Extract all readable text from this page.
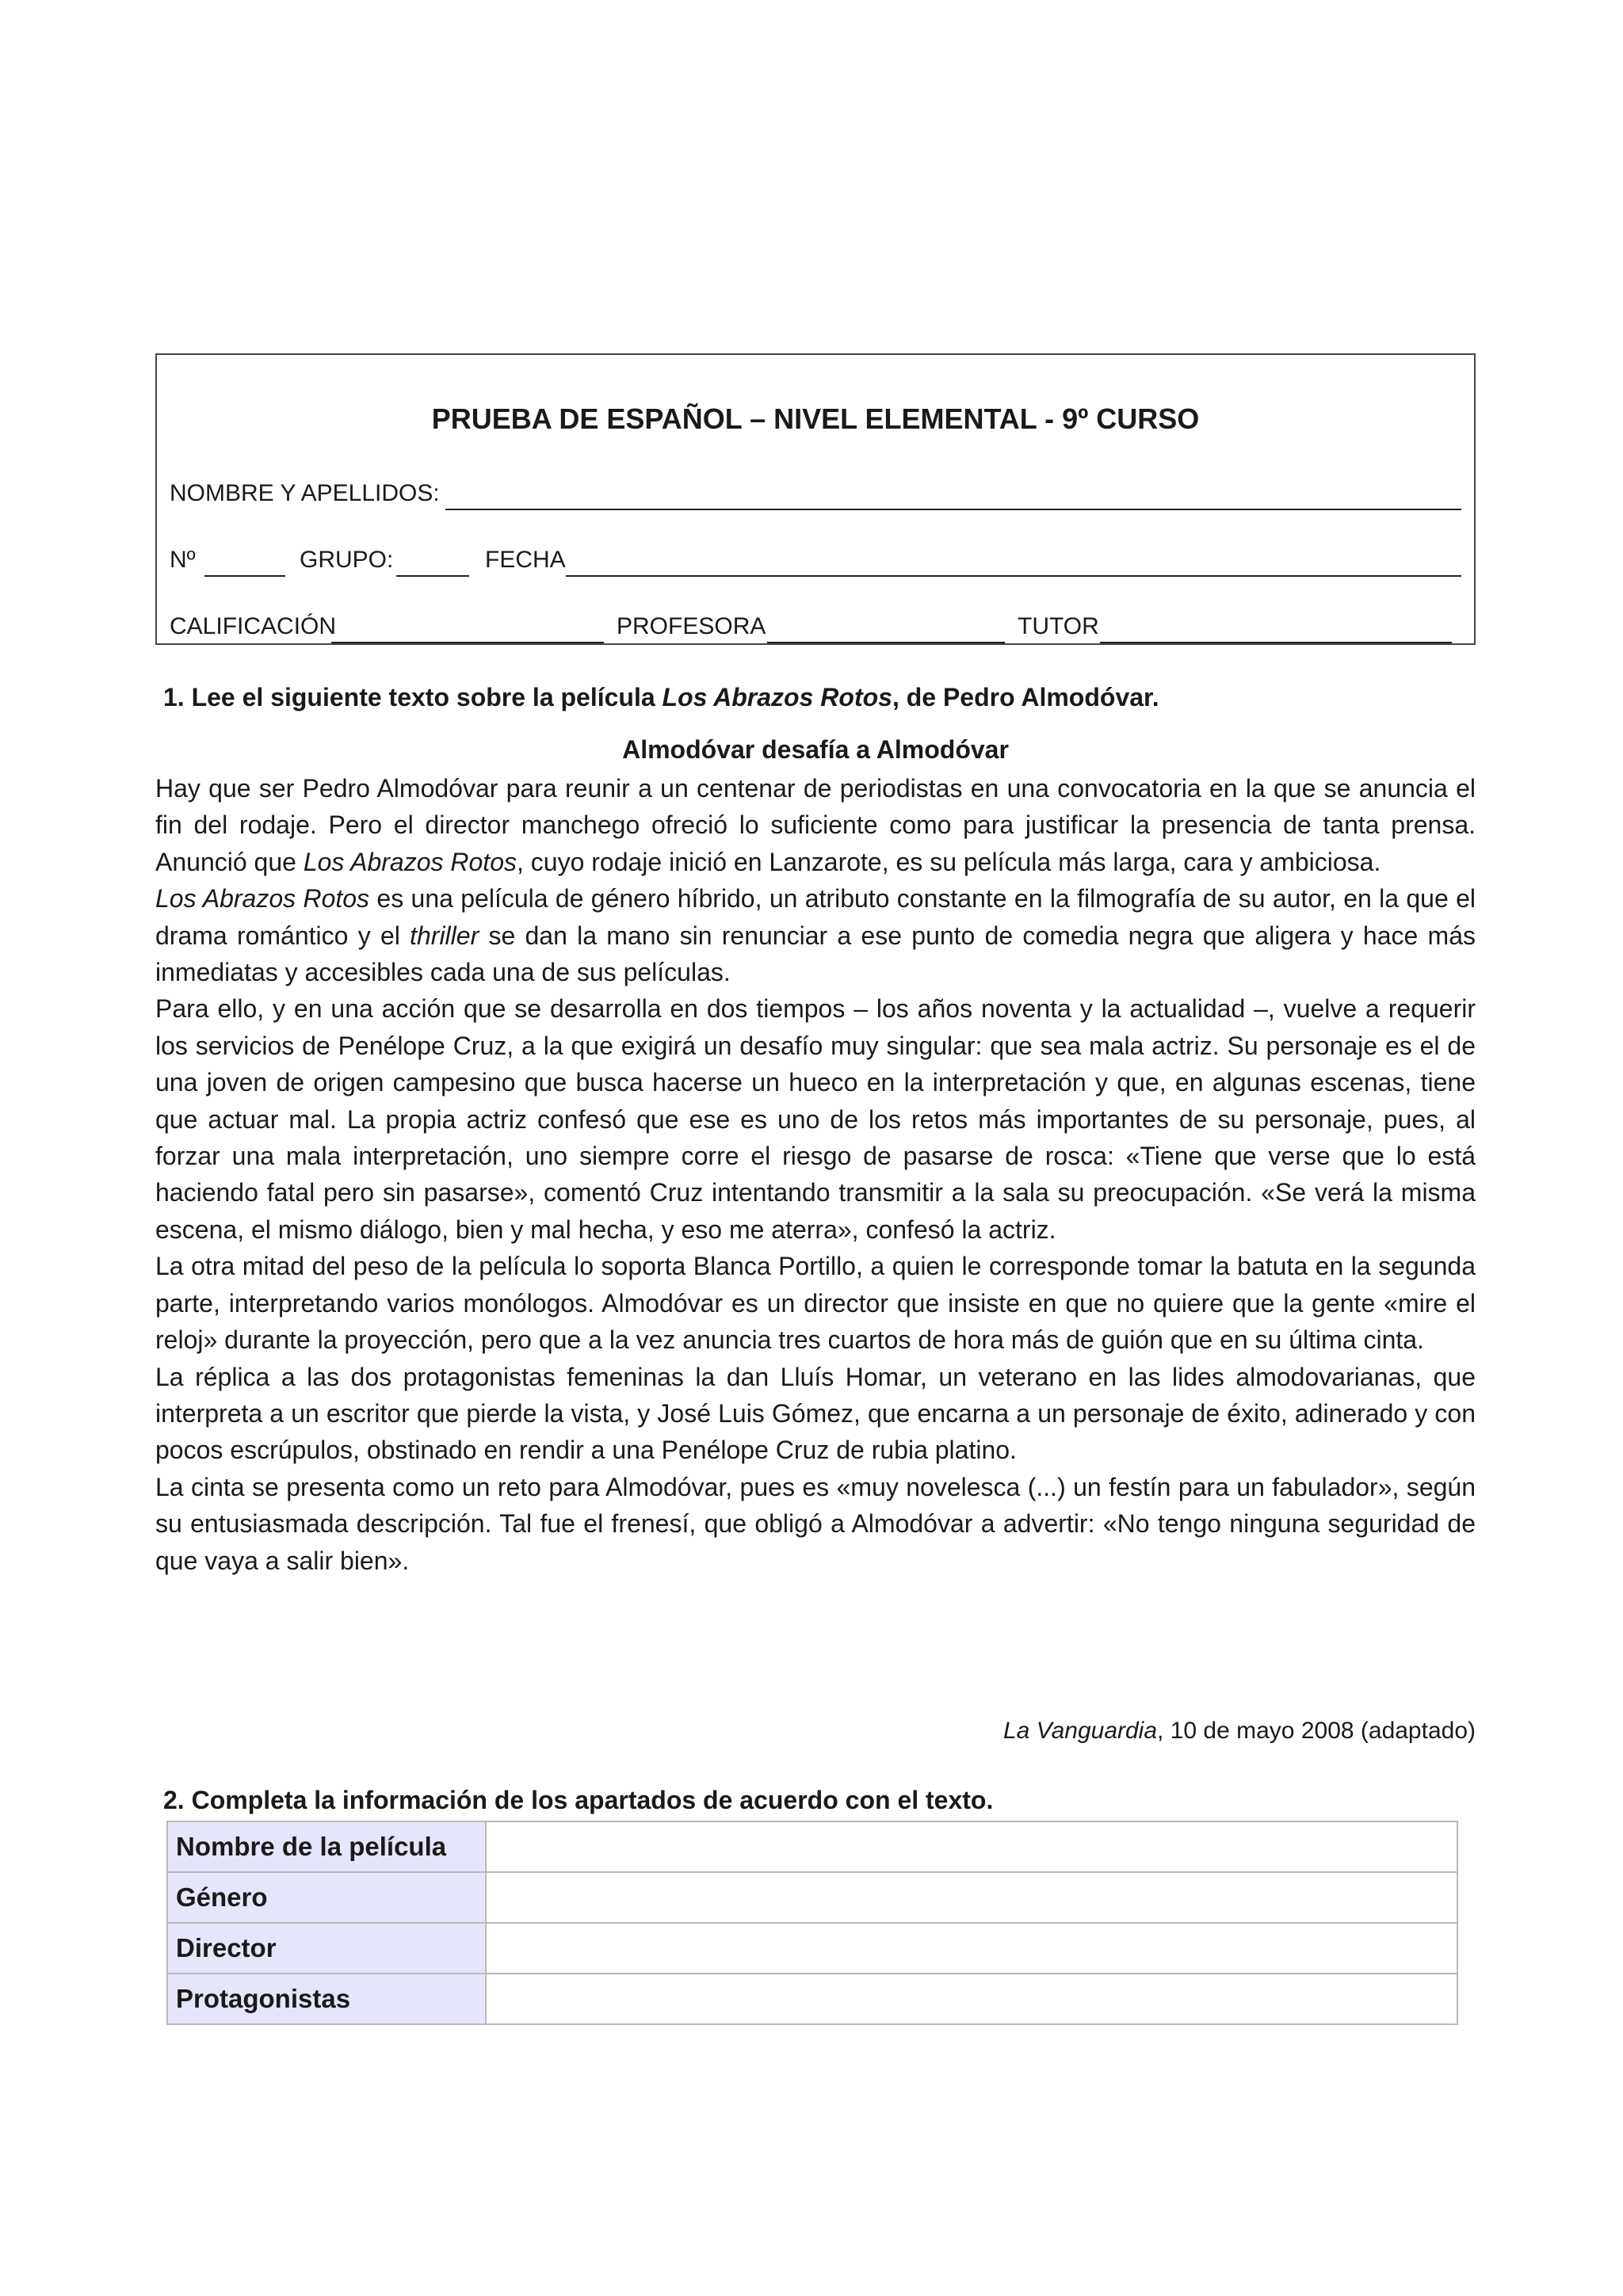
PRUEBA DE ESPAÑOL – NIVEL ELEMENTAL - 9º CURSO
NOMBRE Y APELLIDOS:
Nº	GRUPO:	FECHA
CALIFICACIÓN	PROFESORA	TUTOR
1. Lee el siguiente texto sobre la película Los Abrazos Rotos, de Pedro Almodóvar.
Almodóvar desafía a Almodóvar

Hay que ser Pedro Almodóvar para reunir a un centenar de periodistas en una convocatoria en la que se anuncia el fin del rodaje. Pero el director manchego ofreció lo suficiente como para justificar la presencia de tanta prensa. Anunció que Los Abrazos Rotos, cuyo rodaje inició en Lanzarote, es su película más larga, cara y ambiciosa.

Los Abrazos Rotos es una película de género híbrido, un atributo constante en la filmografía de su autor, en la que el drama romántico y el thriller se dan la mano sin renunciar a ese punto de comedia negra que aligera y hace más inmediatas y accesibles cada una de sus películas.

Para ello, y en una acción que se desarrolla en dos tiempos – los años noventa y la actualidad –, vuelve a requerir los servicios de Penélope Cruz, a la que exigirá un desafío muy singular: que sea mala actriz. Su personaje es el de una joven de origen campesino que busca hacerse un hueco en la interpretación y que, en algunas escenas, tiene que actuar mal. La propia actriz confesó que ese es uno de los retos más importantes de su personaje, pues, al forzar una mala interpretación, uno siempre corre el riesgo de pasarse de rosca: «Tiene que verse que lo está haciendo fatal pero sin pasarse», comentó Cruz intentando transmitir a la sala su preocupación. «Se verá la misma escena, el mismo diálogo, bien y mal hecha, y eso me aterra», confesó la actriz.

La otra mitad del peso de la película lo soporta Blanca Portillo, a quien le corresponde tomar la batuta en la segunda parte, interpretando varios monólogos. Almodóvar es un director que insiste en que no quiere que la gente «mire el reloj» durante la proyección, pero que a la vez anuncia tres cuartos de hora más de guión que en su última cinta.

La réplica a las dos protagonistas femeninas la dan Lluís Homar, un veterano en las lides almodovarianas, que interpreta a un escritor que pierde la vista, y José Luis Gómez, que encarna a un personaje de éxito, adinerado y con pocos escrúpulos, obstinado en rendir a una Penélope Cruz de rubia platino.

La cinta se presenta como un reto para Almodóvar, pues es «muy novelesca (...) un festín para un fabulador», según su entusiasmada descripción. Tal fue el frenesí, que obligó a Almodóvar a advertir: «No tengo ninguna seguridad de que vaya a salir bien».

La Vanguardia, 10 de mayo 2008 (adaptado)
2. Completa la información de los apartados de acuerdo con el texto.
Nombre de la película	
Género	
Director	
Protagonistas	
